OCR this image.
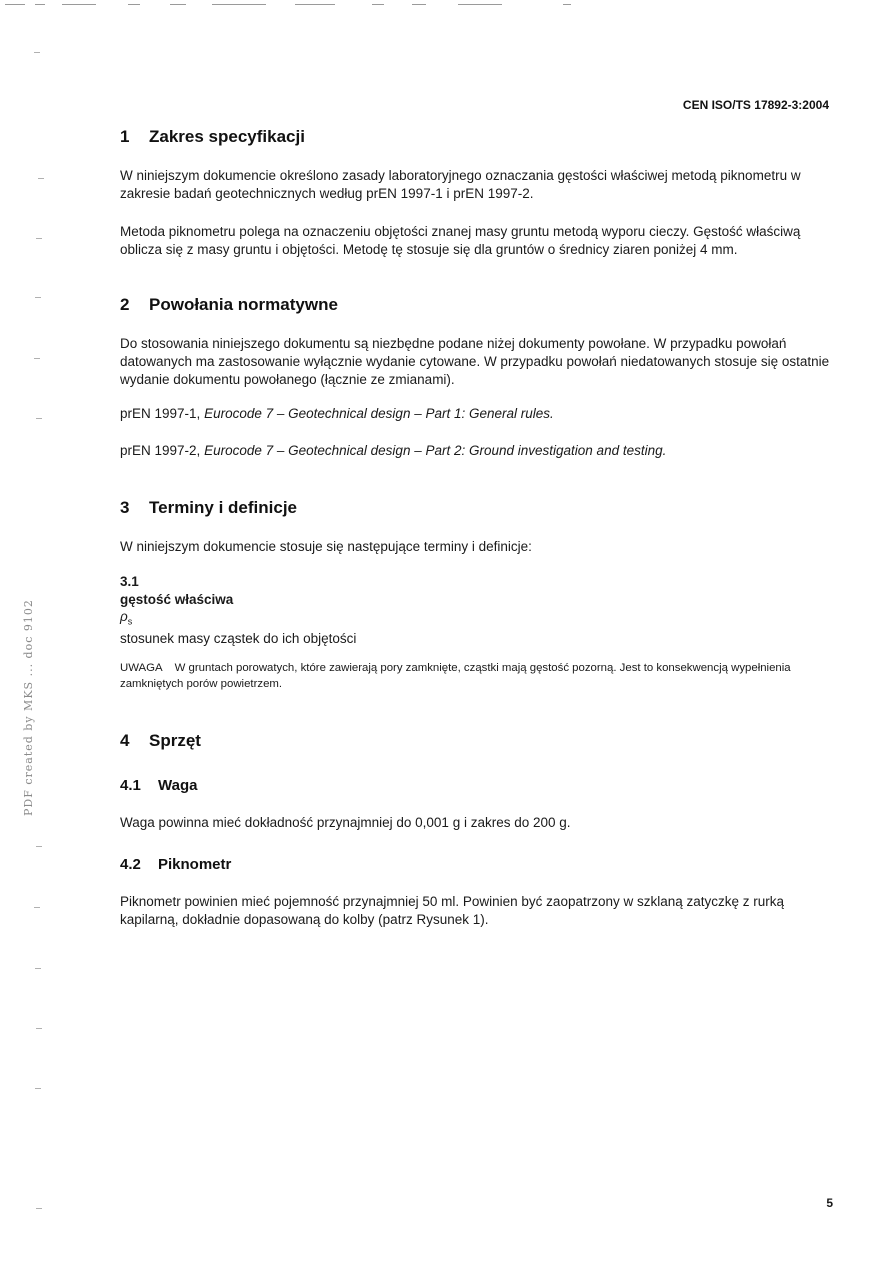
PDF created by MKS ... doc 9102
CEN ISO/TS 17892-3:2004

1 Zakres specyfikacji

W niniejszym dokumencie określono zasady laboratoryjnego oznaczania gęstości właściwej metodą piknometru w zakresie badań geotechnicznych według prEN 1997-1 i prEN 1997-2.

Metoda piknometru polega na oznaczeniu objętości znanej masy gruntu metodą wyporu cieczy. Gęstość właściwą oblicza się z masy gruntu i objętości. Metodę tę stosuje się dla gruntów o średnicy ziaren poniżej 4 mm.

2 Powołania normatywne

Do stosowania niniejszego dokumentu są niezbędne podane niżej dokumenty powołane. W przypadku powołań datowanych ma zastosowanie wyłącznie wydanie cytowane. W przypadku powołań niedatowanych stosuje się ostatnie wydanie dokumentu powołanego (łącznie ze zmianami).

prEN 1997-1, Eurocode 7 – Geotechnical design – Part 1: General rules.

prEN 1997-2, Eurocode 7 – Geotechnical design – Part 2: Ground investigation and testing.

3 Terminy i definicje

W niniejszym dokumencie stosuje się następujące terminy i definicje:

3.1

gęstość właściwa

$\rho_s$

stosunek masy cząstek do ich objętości

UWAGA W gruntach porowatych, które zawierają pory zamknięte, cząstki mają gęstość pozorną. Jest to konsekwencją wypełnienia zamkniętych porów powietrzem.

4 Sprzęt

4.1 Waga

Waga powinna mieć dokładność przynajmniej do 0,001 g i zakres do 200 g.

4.2 Piknometr

Piknometr powinien mieć pojemność przynajmniej 50 ml. Powinien być zaopatrzony w szklaną zatyczkę z rurką kapilarną, dokładnie dopasowaną do kolby (patrz Rysunek 1).

5
